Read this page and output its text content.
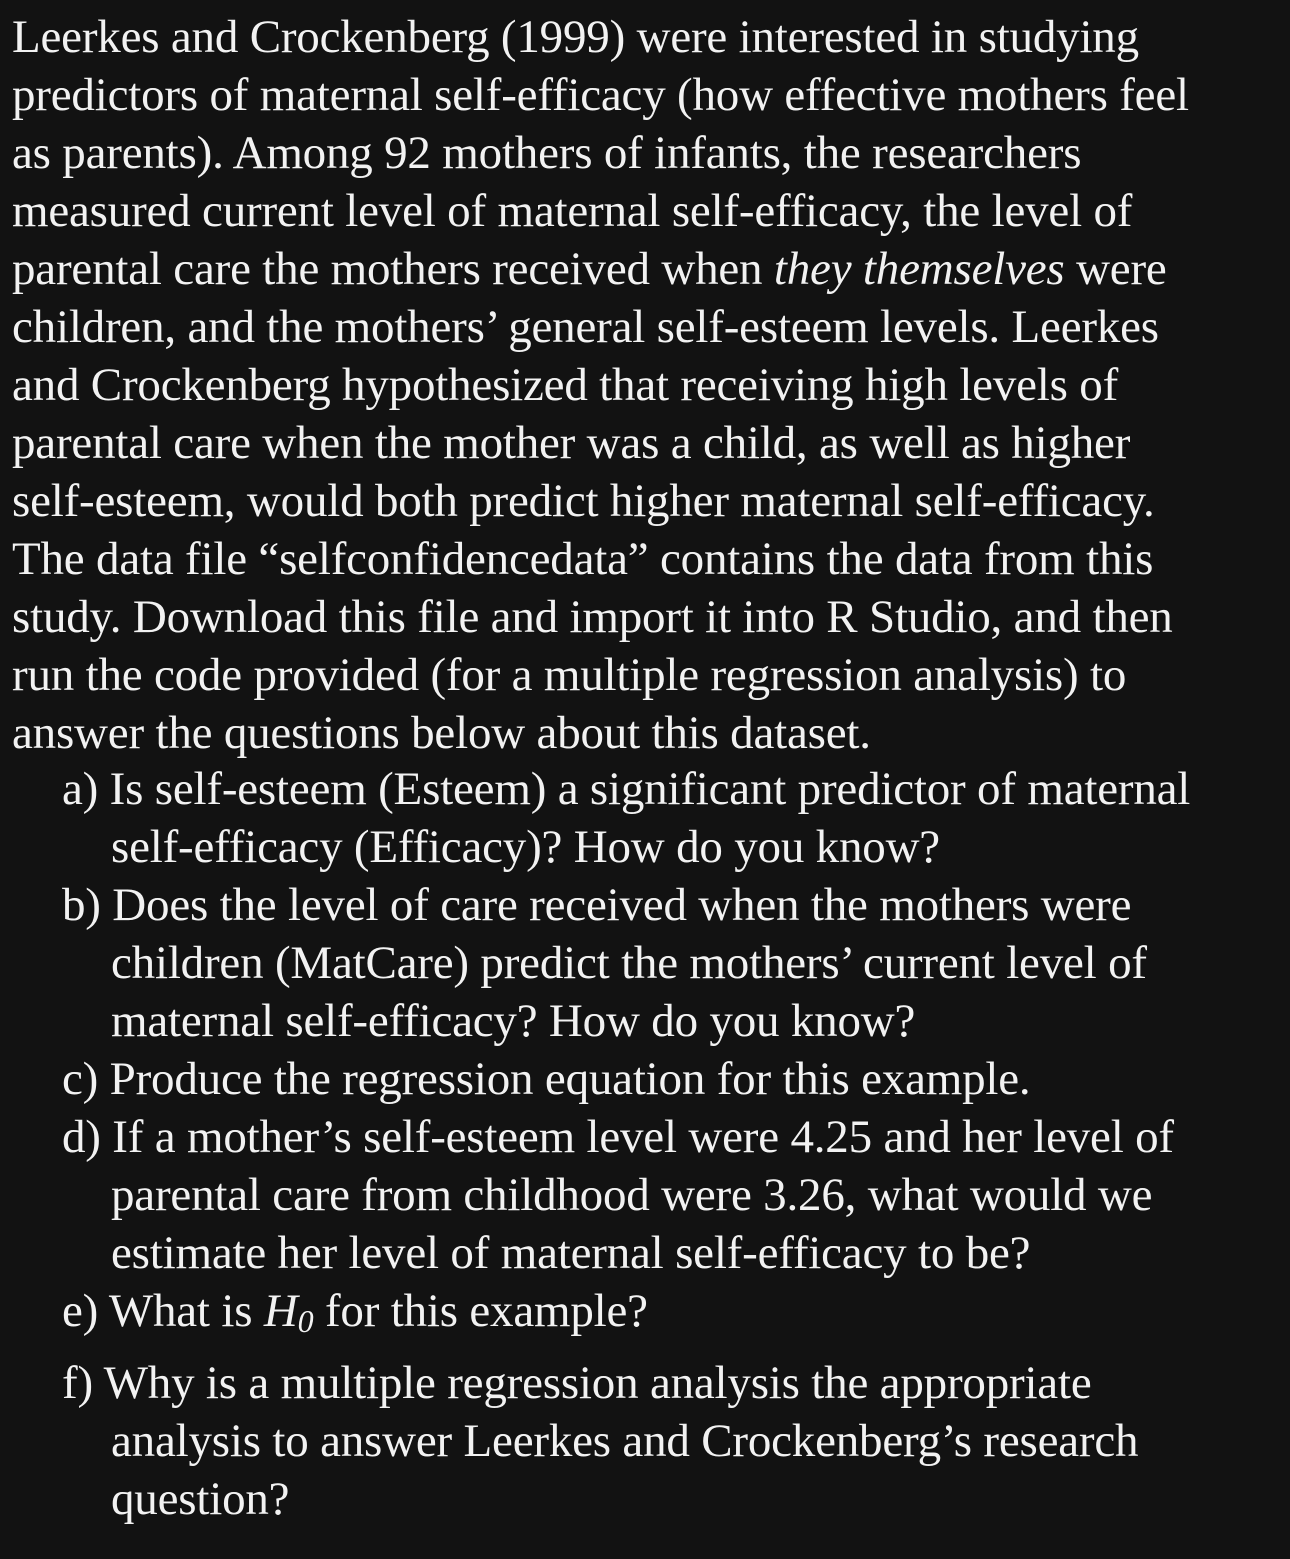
Leerkes and Crockenberg (1999) were interested in studying
predictors of maternal self-efficacy (how effective mothers feel
as parents). Among 92 mothers of infants, the researchers
measured current level of maternal self-efficacy, the level of
parental care the mothers received when they themselves were
children, and the mothers’ general self-esteem levels. Leerkes
and Crockenberg hypothesized that receiving high levels of
parental care when the mother was a child, as well as higher
self-esteem, would both predict higher maternal self-efficacy.
The data file “selfconfidencedata” contains the data from this
study. Download this file and import it into R Studio, and then
run the code provided (for a multiple regression analysis) to
answer the questions below about this dataset.
a) Is self-esteem (Esteem) a significant predictor of maternal
self-efficacy (Efficacy)? How do you know?
b) Does the level of care received when the mothers were
children (MatCare) predict the mothers’ current level of
maternal self-efficacy? How do you know?
c) Produce the regression equation for this example.
d) If a mother’s self-esteem level were 4.25 and her level of
parental care from childhood were 3.26, what would we
estimate her level of maternal self-efficacy to be?
e) What is $H_0$ for this example?
f) Why is a multiple regression analysis the appropriate
analysis to answer Leerkes and Crockenberg’s research
question?
